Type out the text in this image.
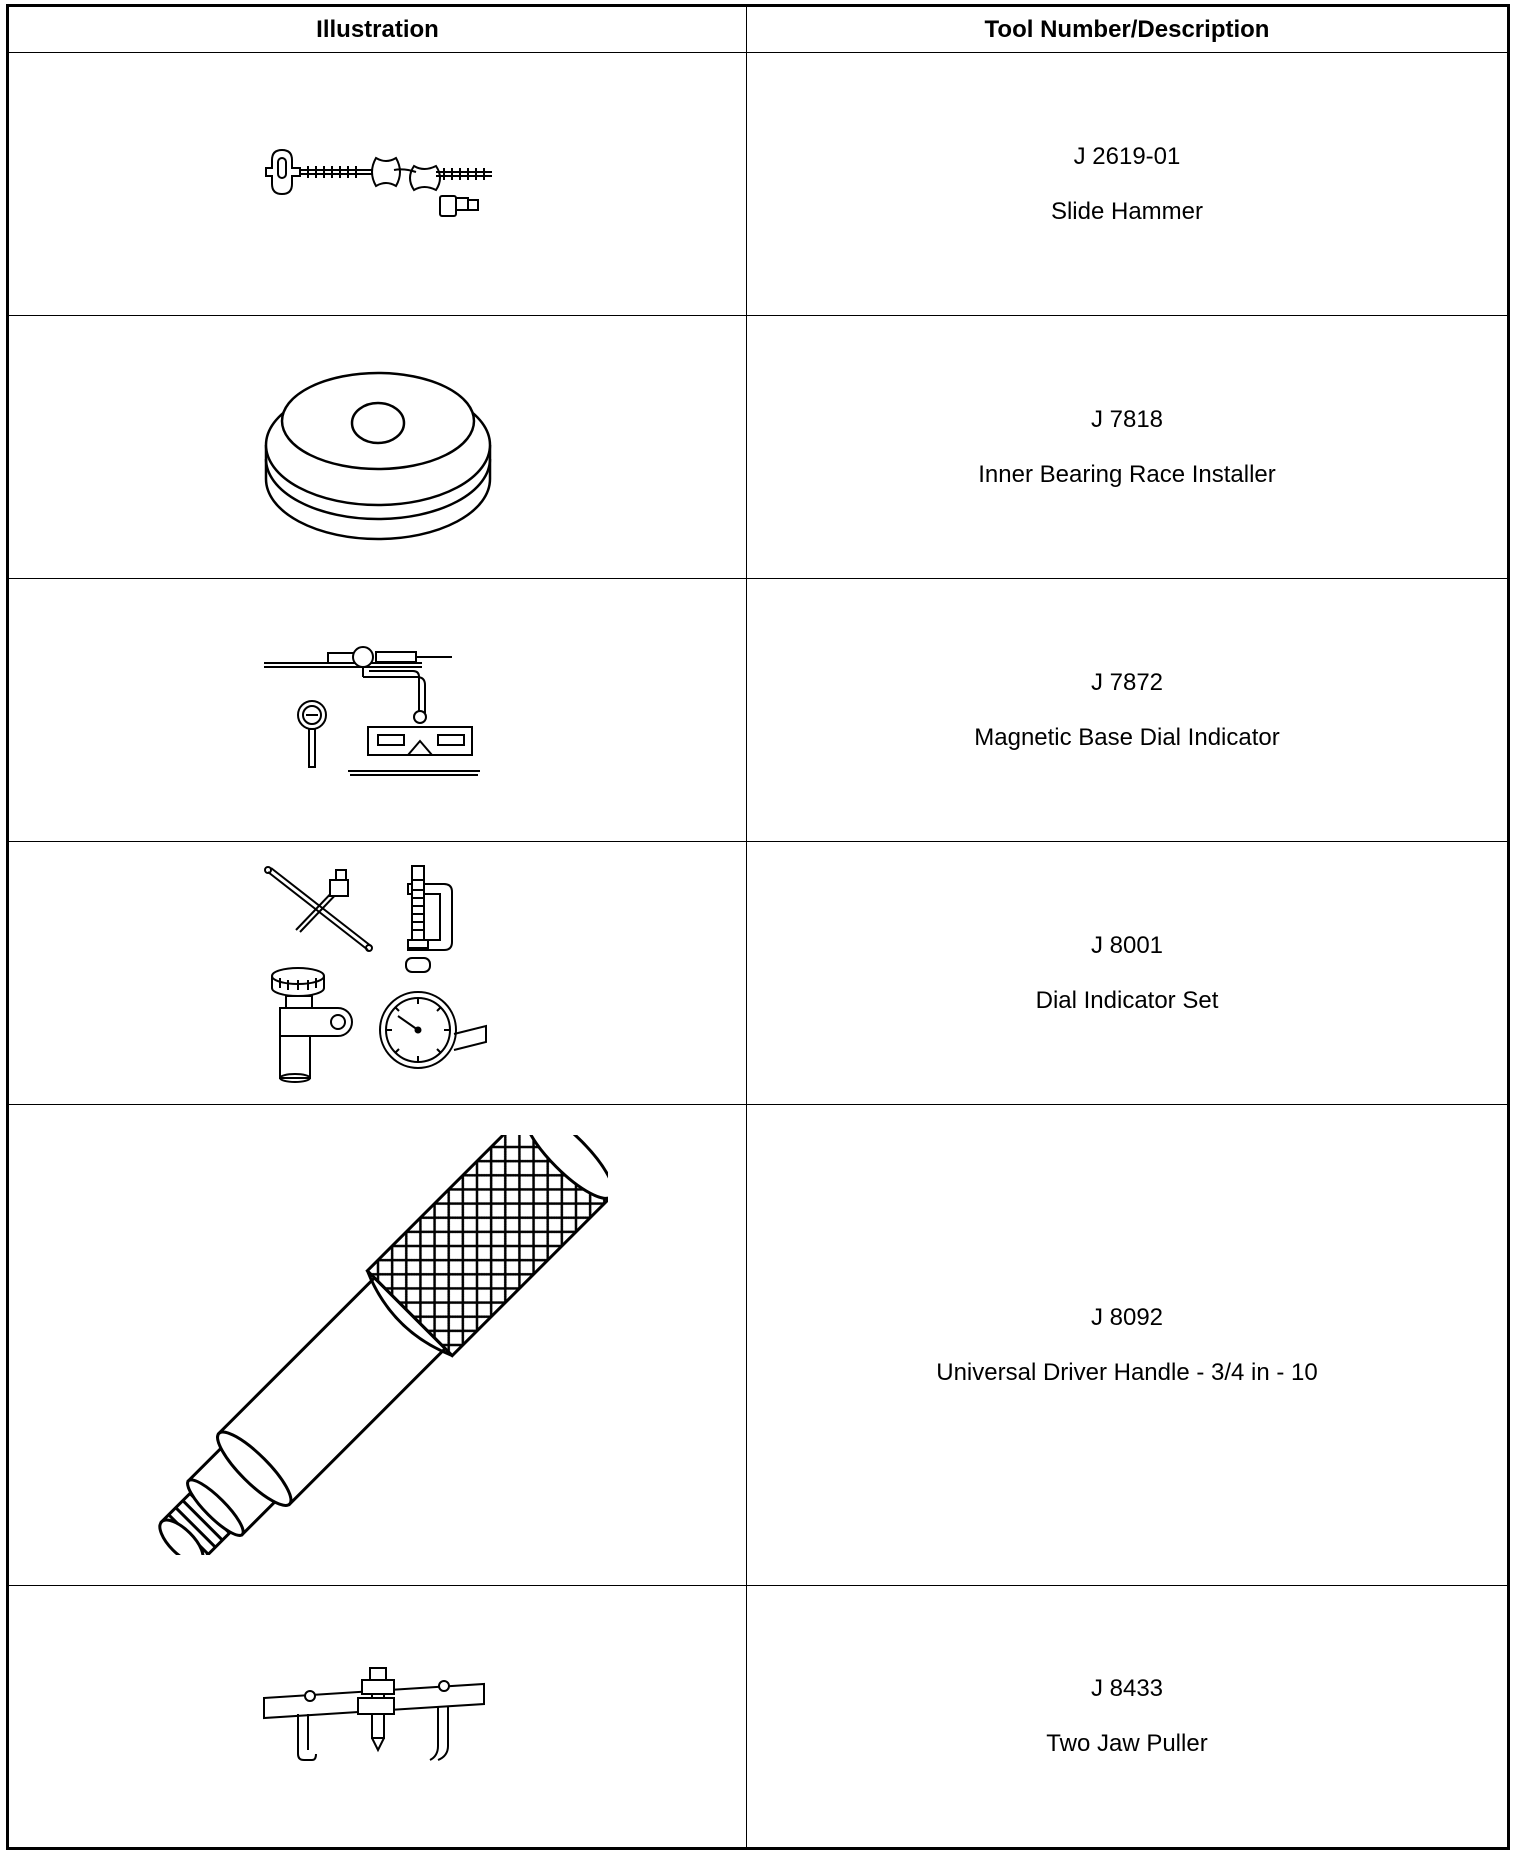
Illustration	Tool Number/Description

J 2619-01
Slide Hammer

J 7818
Inner Bearing Race Installer

J 7872
Magnetic Base Dial Indicator

J 8001
Dial Indicator Set

J 8092
Universal Driver Handle - 3/4 in - 10

J 8433
Two Jaw Puller
